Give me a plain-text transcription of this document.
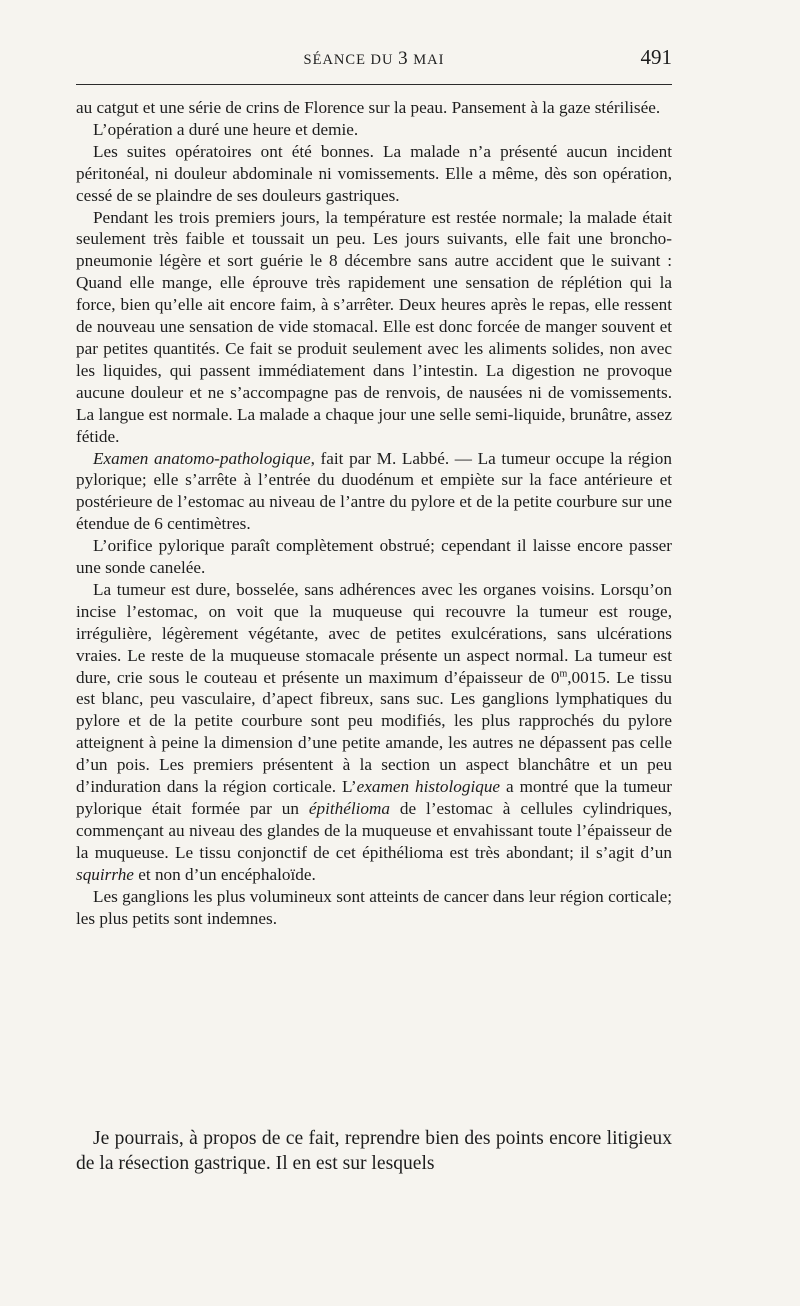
SÉANCE DU 3 MAI	491

au catgut et une série de crins de Florence sur la peau. Pansement à la gaze stérilisée.

L’opération a duré une heure et demie.

Les suites opératoires ont été bonnes. La malade n’a présenté aucun incident péritonéal, ni douleur abdominale ni vomissements. Elle a même, dès son opération, cessé de se plaindre de ses douleurs gastriques.

Pendant les trois premiers jours, la température est restée normale; la malade était seulement très faible et toussait un peu. Les jours suivants, elle fait une broncho-pneumonie légère et sort guérie le 8 décembre sans autre accident que le suivant : Quand elle mange, elle éprouve très rapidement une sensation de réplétion qui la force, bien qu’elle ait encore faim, à s’arrêter. Deux heures après le repas, elle ressent de nouveau une sensation de vide stomacal. Elle est donc forcée de manger souvent et par petites quantités. Ce fait se produit seulement avec les aliments solides, non avec les liquides, qui passent immédiatement dans l’intestin. La digestion ne provoque aucune douleur et ne s’accompagne pas de renvois, de nausées ni de vomissements. La langue est normale. La malade a chaque jour une selle semi-liquide, brunâtre, assez fétide.

Examen anatomo-pathologique, fait par M. Labbé. — La tumeur occupe la région pylorique; elle s’arrête à l’entrée du duodénum et empiète sur la face antérieure et postérieure de l’estomac au niveau de l’antre du pylore et de la petite courbure sur une étendue de 6 centimètres.

L’orifice pylorique paraît complètement obstrué; cependant il laisse encore passer une sonde canelée.

La tumeur est dure, bosselée, sans adhérences avec les organes voisins. Lorsqu’on incise l’estomac, on voit que la muqueuse qui recouvre la tumeur est rouge, irrégulière, légèrement végétante, avec de petites exulcérations, sans ulcérations vraies. Le reste de la muqueuse stomacale présente un aspect normal. La tumeur est dure, crie sous le couteau et présente un maximum d’épaisseur de 0$^m$,0015. Le tissu est blanc, peu vasculaire, d’apect fibreux, sans suc. Les ganglions lymphatiques du pylore et de la petite courbure sont peu modifiés, les plus rapprochés du pylore atteignent à peine la dimension d’une petite amande, les autres ne dépassent pas celle d’un pois. Les premiers présentent à la section un aspect blanchâtre et un peu d’induration dans la région corticale. L’examen histologique a montré que la tumeur pylorique était formée par un épithélioma de l’estomac à cellules cylindriques, commençant au niveau des glandes de la muqueuse et envahissant toute l’épaisseur de la muqueuse. Le tissu conjonctif de cet épithélioma est très abondant; il s’agit d’un squirrhe et non d’un encéphaloïde.

Les ganglions les plus volumineux sont atteints de cancer dans leur région corticale; les plus petits sont indemnes.

Je pourrais, à propos de ce fait, reprendre bien des points encore litigieux de la résection gastrique. Il en est sur lesquels
